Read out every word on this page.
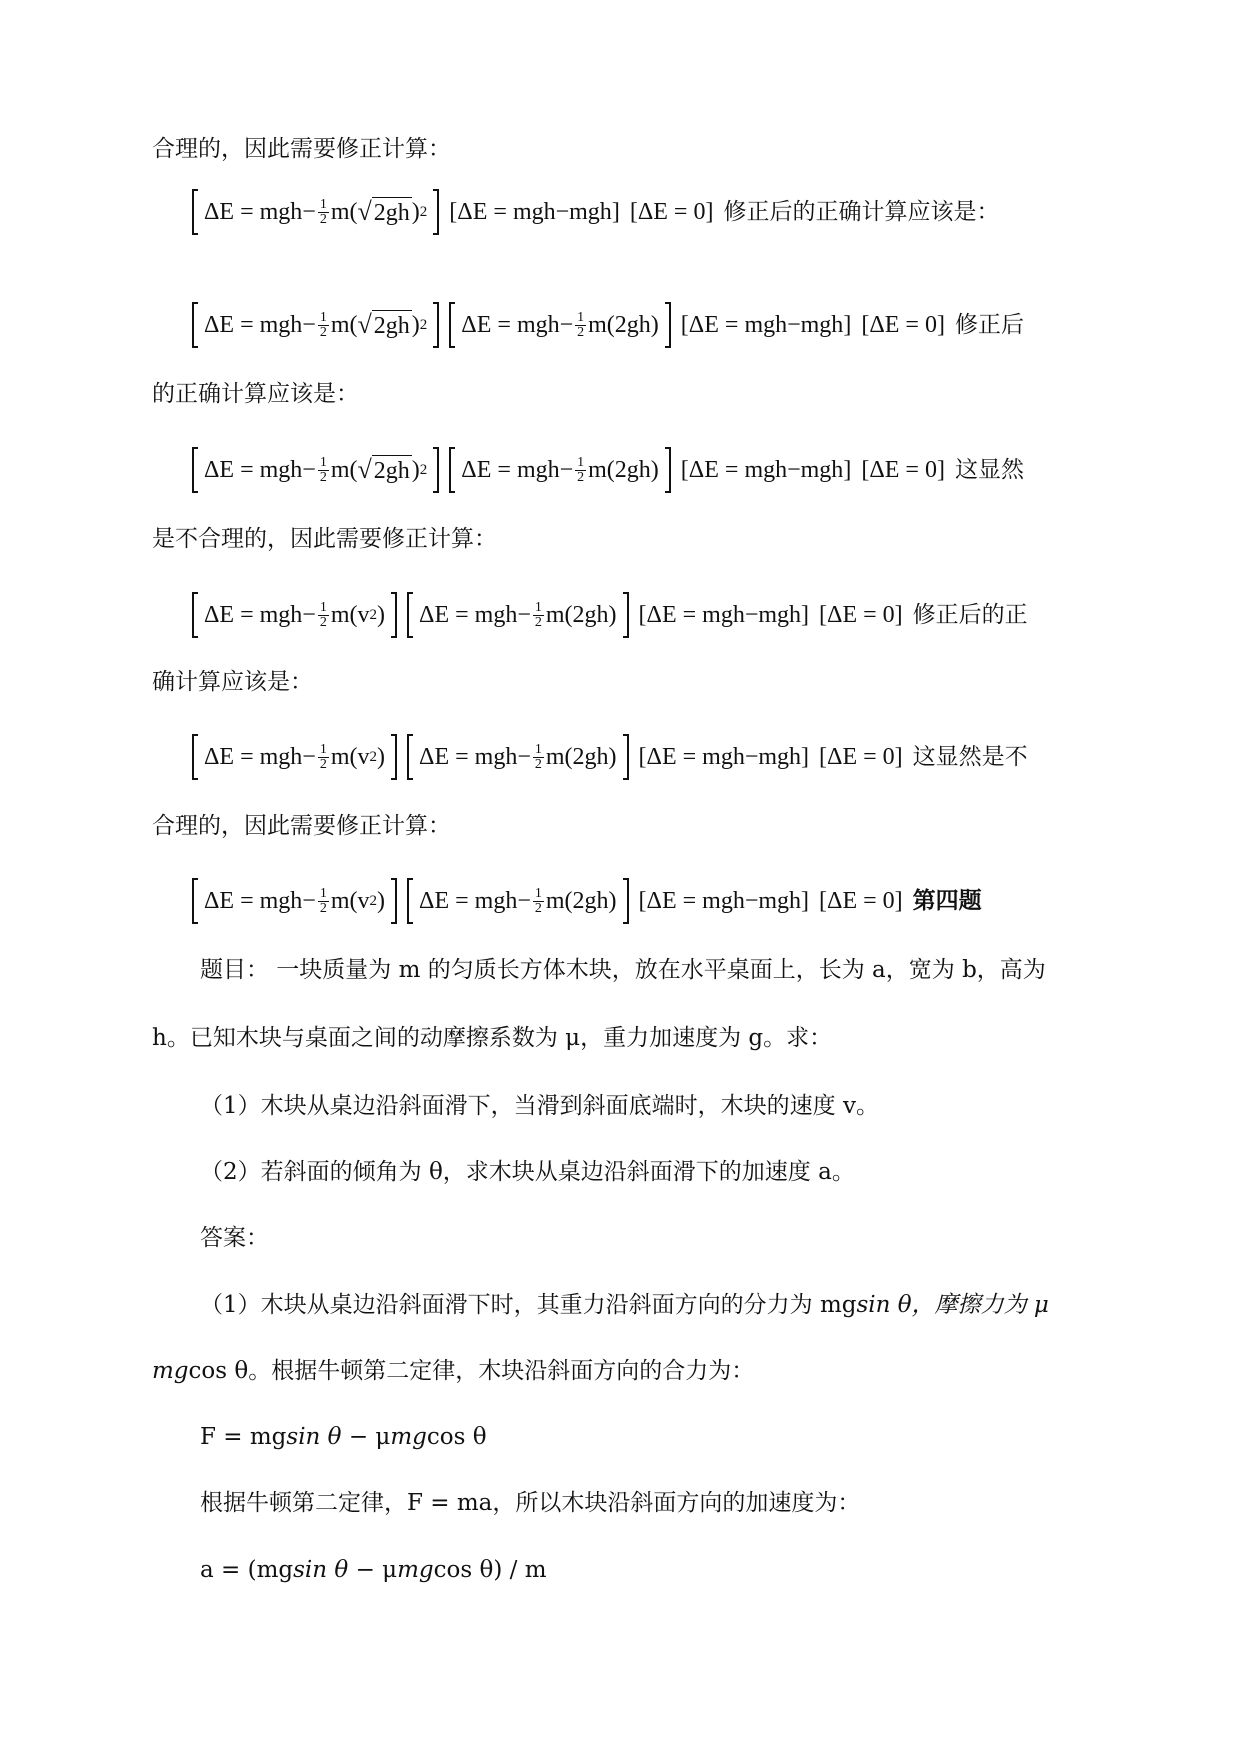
合理的，因此需要修正计算：
ΔE =
$mgh- \frac{1}{2}$ m ( √ 2gh ) 2 [ ΔE =
mgh−mgh ] [ ΔE =
0 ] 修正后的正确计算应该是：
ΔE =
$mgh- \frac{1}{2}$ m ( √ 2gh ) 2 ΔE =
$mgh- \frac{1}{2} m(2gh)$ [ ΔE =
mgh−mgh ] [ ΔE =
0 ] 修正后
的正确计算应该是：
ΔE =
$mgh- \frac{1}{2}$ m ( √ 2gh ) 2 ΔE =
$mgh- \frac{1}{2} m(2gh)$ [ ΔE =
mgh−mgh ] [ ΔE =
0 ] 这显然
是不合理的，因此需要修正计算：
ΔE =
$mgh- \frac{1}{2} m(v$ 2 ) ΔE =
$mgh- \frac{1}{2} m(2gh)$ [ ΔE =
mgh−mgh ] [ ΔE =
0 ] 修正后的正
确计算应该是：
ΔE =
$mgh- \frac{1}{2} m(v$ 2 ) ΔE =
$mgh- \frac{1}{2} m(2gh)$ [ ΔE =
mgh−mgh ] [ ΔE =
0 ] 这显然是不
合理的，因此需要修正计算：
ΔE =
$mgh- \frac{1}{2} m(v$ 2 ) ΔE =
$mgh- \frac{1}{2} m(2gh)$ [ ΔE =
mgh−mgh ] [ ΔE =
0 ] 第四题
题目： 一块质量为 m 的匀质长方体木块，放在水平桌面上，长为 a，宽为 b，高为
h。已知木块与桌面之间的动摩擦系数为 μ，重力加速度为 g。求：
（1）木块从桌边沿斜面滑下，当滑到斜面底端时，木块的速度 v。
（2）若斜面的倾角为 θ，求木块从桌边沿斜面滑下的加速度 a。
答案：
（1）木块从桌边沿斜面滑下时，其重力沿斜面方向的分力为 mgsin θ，摩擦力为 μ
mgcos θ。根据牛顿第二定律，木块沿斜面方向的合力为：
F = mgsin θ − μmgcos θ
根据牛顿第二定律，F = ma，所以木块沿斜面方向的加速度为：
a = (mgsin θ − μmgcos θ) / m
